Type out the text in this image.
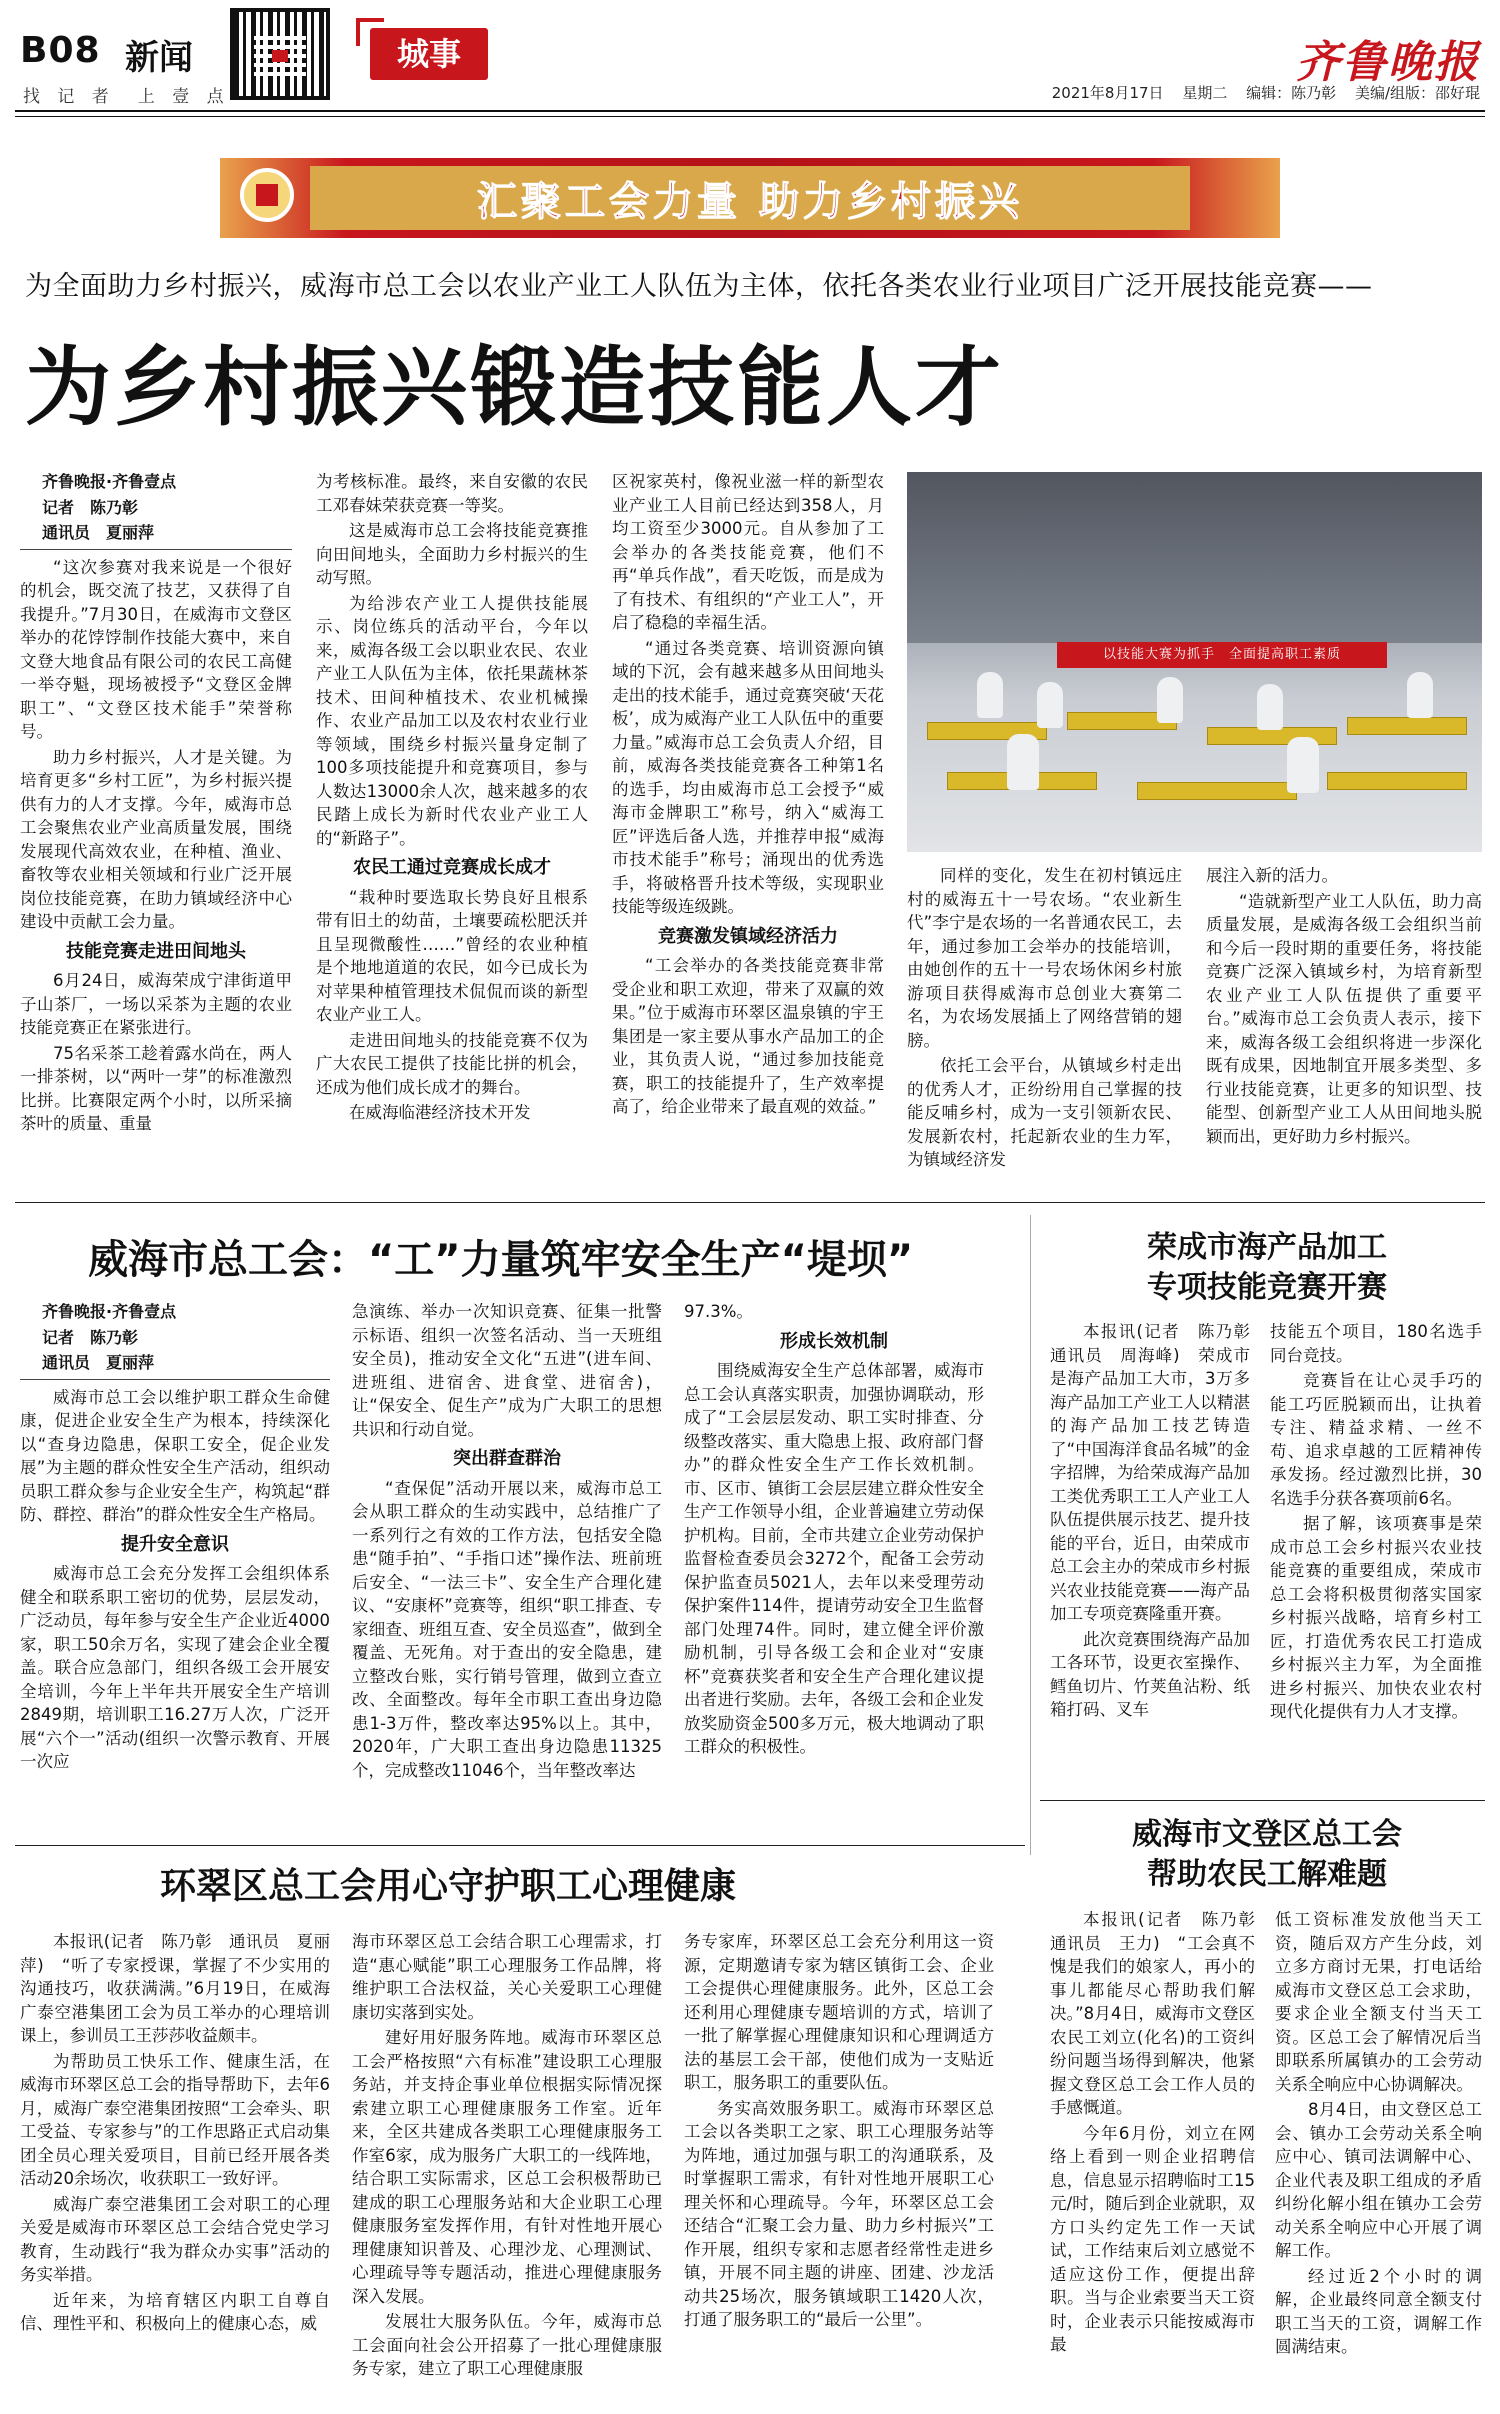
B08 新闻
找 记 者　上 壹 点
城事	齐鲁晚报
2021年8月17日 星期二 编辑：陈乃彰 美编/组版：邵好琨
汇聚工会力量 助力乡村振兴
为全面助力乡村振兴，威海市总工会以农业产业工人队伍为主体，依托各类农业行业项目广泛开展技能竞赛——
为乡村振兴锻造技能人才

齐鲁晚报·齐鲁壹点

记者　陈乃彰

通讯员　夏丽萍

“这次参赛对我来说是一个很好的机会，既交流了技艺，又获得了自我提升。”7月30日，在威海市文登区举办的花饽饽制作技能大赛中，来自文登大地食品有限公司的农民工高健一举夺魁，现场被授予“文登区金牌职工”、“文登区技术能手”荣誉称号。

助力乡村振兴，人才是关键。为培育更多“乡村工匠”，为乡村振兴提供有力的人才支撑。今年，威海市总工会聚焦农业产业高质量发展，围绕发展现代高效农业，在种植、渔业、畜牧等农业相关领域和行业广泛开展岗位技能竞赛，在助力镇域经济中心建设中贡献工会力量。

技能竞赛走进田间地头

6月24日，威海荣成宁津街道甲子山茶厂，一场以采茶为主题的农业技能竞赛正在紧张进行。

75名采茶工趁着露水尚在，两人一排茶树，以“两叶一芽”的标准激烈比拼。比赛限定两个小时，以所采摘茶叶的质量、重量

为考核标准。最终，来自安徽的农民工邓春妹荣获竞赛一等奖。

这是威海市总工会将技能竞赛推向田间地头，全面助力乡村振兴的生动写照。

为给涉农产业工人提供技能展示、岗位练兵的活动平台，今年以来，威海各级工会以职业农民、农业产业工人队伍为主体，依托果蔬林茶技术、田间种植技术、农业机械操作、农业产品加工以及农村农业行业等领域，围绕乡村振兴量身定制了100多项技能提升和竞赛项目，参与人数达13000余人次，越来越多的农民踏上成长为新时代农业产业工人的“新路子”。

农民工通过竞赛成长成才

“栽种时要选取长势良好且根系带有旧土的幼苗，土壤要疏松肥沃并且呈现微酸性……”曾经的农业种植是个地地道道的农民，如今已成长为对苹果种植管理技术侃侃而谈的新型农业产业工人。

走进田间地头的技能竞赛不仅为广大农民工提供了技能比拼的机会，还成为他们成长成才的舞台。

在威海临港经济技术开发

区祝家英村，像祝业滋一样的新型农业产业工人目前已经达到358人，月均工资至少3000元。自从参加了工会举办的各类技能竞赛，他们不再“单兵作战”，看天吃饭，而是成为了有技术、有组织的“产业工人”，开启了稳稳的幸福生活。

“通过各类竞赛、培训资源向镇域的下沉，会有越来越多从田间地头走出的技术能手，通过竞赛突破‘天花板’，成为威海产业工人队伍中的重要力量。”威海市总工会负责人介绍，目前，威海各类技能竞赛各工种第1名的选手，均由威海市总工会授予“威海市金牌职工”称号，纳入“威海工匠”评选后备人选，并推荐申报“威海市技术能手”称号；涌现出的优秀选手，将破格晋升技术等级，实现职业技能等级连级跳。

竞赛激发镇域经济活力

“工会举办的各类技能竞赛非常受企业和职工欢迎，带来了双赢的效果。”位于威海市环翠区温泉镇的宇王集团是一家主要从事水产品加工的企业，其负责人说，“通过参加技能竞赛，职工的技能提升了，生产效率提高了，给企业带来了最直观的效益。”

以技能大赛为抓手　全面提高职工素质

同样的变化，发生在初村镇远庄村的威海五十一号农场。“农业新生代”李宁是农场的一名普通农民工，去年，通过参加工会举办的技能培训，由她创作的五十一号农场休闲乡村旅游项目获得威海市总创业大赛第二名，为农场发展插上了网络营销的翅膀。

依托工会平台，从镇域乡村走出的优秀人才，正纷纷用自己掌握的技能反哺乡村，成为一支引领新农民、发展新农村，托起新农业的生力军，为镇域经济发

展注入新的活力。

“造就新型产业工人队伍，助力高质量发展，是威海各级工会组织当前和今后一段时期的重要任务，将技能竞赛广泛深入镇域乡村，为培育新型农业产业工人队伍提供了重要平台。”威海市总工会负责人表示，接下来，威海各级工会组织将进一步深化既有成果，因地制宜开展多类型、多行业技能竞赛，让更多的知识型、技能型、创新型产业工人从田间地头脱颖而出，更好助力乡村振兴。

威海市总工会：“工”力量筑牢安全生产“堤坝”

齐鲁晚报·齐鲁壹点

记者　陈乃彰

通讯员　夏丽萍

威海市总工会以维护职工群众生命健康，促进企业安全生产为根本，持续深化以“查身边隐患，保职工安全，促企业发展”为主题的群众性安全生产活动，组织动员职工群众参与企业安全生产，构筑起“群防、群控、群治”的群众性安全生产格局。

提升安全意识

威海市总工会充分发挥工会组织体系健全和联系职工密切的优势，层层发动，广泛动员，每年参与安全生产企业近4000家，职工50余万名，实现了建会企业全覆盖。联合应急部门，组织各级工会开展安全培训，今年上半年共开展安全生产培训2849期，培训职工16.27万人次，广泛开展“六个一”活动(组织一次警示教育、开展一次应

急演练、举办一次知识竞赛、征集一批警示标语、组织一次签名活动、当一天班组安全员)，推动安全文化“五进”(进车间、进班组、进宿舍、进食堂、进宿舍)，让“保安全、促生产”成为广大职工的思想共识和行动自觉。

突出群查群治

“查保促”活动开展以来，威海市总工会从职工群众的生动实践中，总结推广了一系列行之有效的工作方法，包括安全隐患“随手拍”、“手指口述”操作法、班前班后安全、“一法三卡”、安全生产合理化建议、“安康杯”竞赛等，组织“职工排查、专家细查、班组互查、安全员巡查”，做到全覆盖、无死角。对于查出的安全隐患，建立整改台账，实行销号管理，做到立查立改、全面整改。每年全市职工查出身边隐患1-3万件，整改率达95%以上。其中，2020年，广大职工查出身边隐患11325个，完成整改11046个，当年整改率达

97.3%。

形成长效机制

围绕威海安全生产总体部署，威海市总工会认真落实职责，加强协调联动，形成了“工会层层发动、职工实时排查、分级整改落实、重大隐患上报、政府部门督办”的群众性安全生产工作长效机制。市、区市、镇街工会层层建立群众性安全生产工作领导小组，企业普遍建立劳动保护机构。目前，全市共建立企业劳动保护监督检查委员会3272个，配备工会劳动保护监查员5021人，去年以来受理劳动保护案件114件，提请劳动安全卫生监督部门处理74件。同时，建立健全评价激励机制，引导各级工会和企业对“安康杯”竞赛获奖者和安全生产合理化建议提出者进行奖励。去年，各级工会和企业发放奖励资金500多万元，极大地调动了职工群众的积极性。

荣成市海产品加工
专项技能竞赛开赛

本报讯(记者　陈乃彰　通讯员　周海峰)　荣成市是海产品加工大市，3万多海产品加工产业工人以精湛的海产品加工技艺铸造了“中国海洋食品名城”的金字招牌，为给荣成海产品加工类优秀职工工人产业工人队伍提供展示技艺、提升技能的平台，近日，由荣成市总工会主办的荣成市乡村振兴农业技能竞赛——海产品加工专项竞赛隆重开赛。

此次竞赛围绕海产品加工各环节，设更衣室操作、鳕鱼切片、竹荚鱼沾粉、纸箱打码、叉车

技能五个项目，180名选手同台竞技。

竞赛旨在让心灵手巧的能工巧匠脱颖而出，让执着专注、精益求精、一丝不苟、追求卓越的工匠精神传承发扬。经过激烈比拼，30名选手分获各赛项前6名。

据了解，该项赛事是荣成市总工会乡村振兴农业技能竞赛的重要组成，荣成市总工会将积极贯彻落实国家乡村振兴战略，培育乡村工匠，打造优秀农民工打造成乡村振兴主力军，为全面推进乡村振兴、加快农业农村现代化提供有力人才支撑。

环翠区总工会用心守护职工心理健康

本报讯(记者　陈乃彰　通讯员　夏丽萍)　“听了专家授课，掌握了不少实用的沟通技巧，收获满满。”6月19日，在威海广泰空港集团工会为员工举办的心理培训课上，参训员工王莎莎收益颇丰。

为帮助员工快乐工作、健康生活，在威海市环翠区总工会的指导帮助下，去年6月，威海广泰空港集团按照“工会牵头、职工受益、专家参与”的工作思路正式启动集团全员心理关爱项目，目前已经开展各类活动20余场次，收获职工一致好评。

威海广泰空港集团工会对职工的心理关爱是威海市环翠区总工会结合党史学习教育，生动践行“我为群众办实事”活动的务实举措。

近年来，为培育辖区内职工自尊自信、理性平和、积极向上的健康心态，威

海市环翠区总工会结合职工心理需求，打造“惠心赋能”职工心理服务工作品牌，将维护职工合法权益，关心关爱职工心理健康切实落到实处。

建好用好服务阵地。威海市环翠区总工会严格按照“六有标准”建设职工心理服务站，并支持企事业单位根据实际情况探索建立职工心理健康服务工作室。近年来，全区共建成各类职工心理健康服务工作室6家，成为服务广大职工的一线阵地，结合职工实际需求，区总工会积极帮助已建成的职工心理服务站和大企业职工心理健康服务室发挥作用，有针对性地开展心理健康知识普及、心理沙龙、心理测试、心理疏导等专题活动，推进心理健康服务深入发展。

发展壮大服务队伍。今年，威海市总工会面向社会公开招募了一批心理健康服务专家，建立了职工心理健康服

务专家库，环翠区总工会充分利用这一资源，定期邀请专家为辖区镇街工会、企业工会提供心理健康服务。此外，区总工会还利用心理健康专题培训的方式，培训了一批了解掌握心理健康知识和心理调适方法的基层工会干部，使他们成为一支贴近职工，服务职工的重要队伍。

务实高效服务职工。威海市环翠区总工会以各类职工之家、职工心理服务站等为阵地，通过加强与职工的沟通联系，及时掌握职工需求，有针对性地开展职工心理关怀和心理疏导。今年，环翠区总工会还结合“汇聚工会力量、助力乡村振兴”工作开展，组织专家和志愿者经常性走进乡镇，开展不同主题的讲座、团建、沙龙活动共25场次，服务镇域职工1420人次，打通了服务职工的“最后一公里”。

威海市文登区总工会
帮助农民工解难题

本报讯(记者　陈乃彰　通讯员　王力)　“工会真不愧是我们的娘家人，再小的事儿都能尽心帮助我们解决。”8月4日，威海市文登区农民工刘立(化名)的工资纠纷问题当场得到解决，他紧握文登区总工会工作人员的手感慨道。

今年6月份，刘立在网络上看到一则企业招聘信息，信息显示招聘临时工15元/时，随后到企业就职，双方口头约定先工作一天试试，工作结束后刘立感觉不适应这份工作，便提出辞职。当与企业索要当天工资时，企业表示只能按威海市最

低工资标准发放他当天工资，随后双方产生分歧，刘立多方商讨无果，打电话给威海市文登区总工会求助，要求企业全额支付当天工资。区总工会了解情况后当即联系所属镇办的工会劳动关系全响应中心协调解决。

8月4日，由文登区总工会、镇办工会劳动关系全响应中心、镇司法调解中心、企业代表及职工组成的矛盾纠纷化解小组在镇办工会劳动关系全响应中心开展了调解工作。

经过近2个小时的调解，企业最终同意全额支付职工当天的工资，调解工作圆满结束。
